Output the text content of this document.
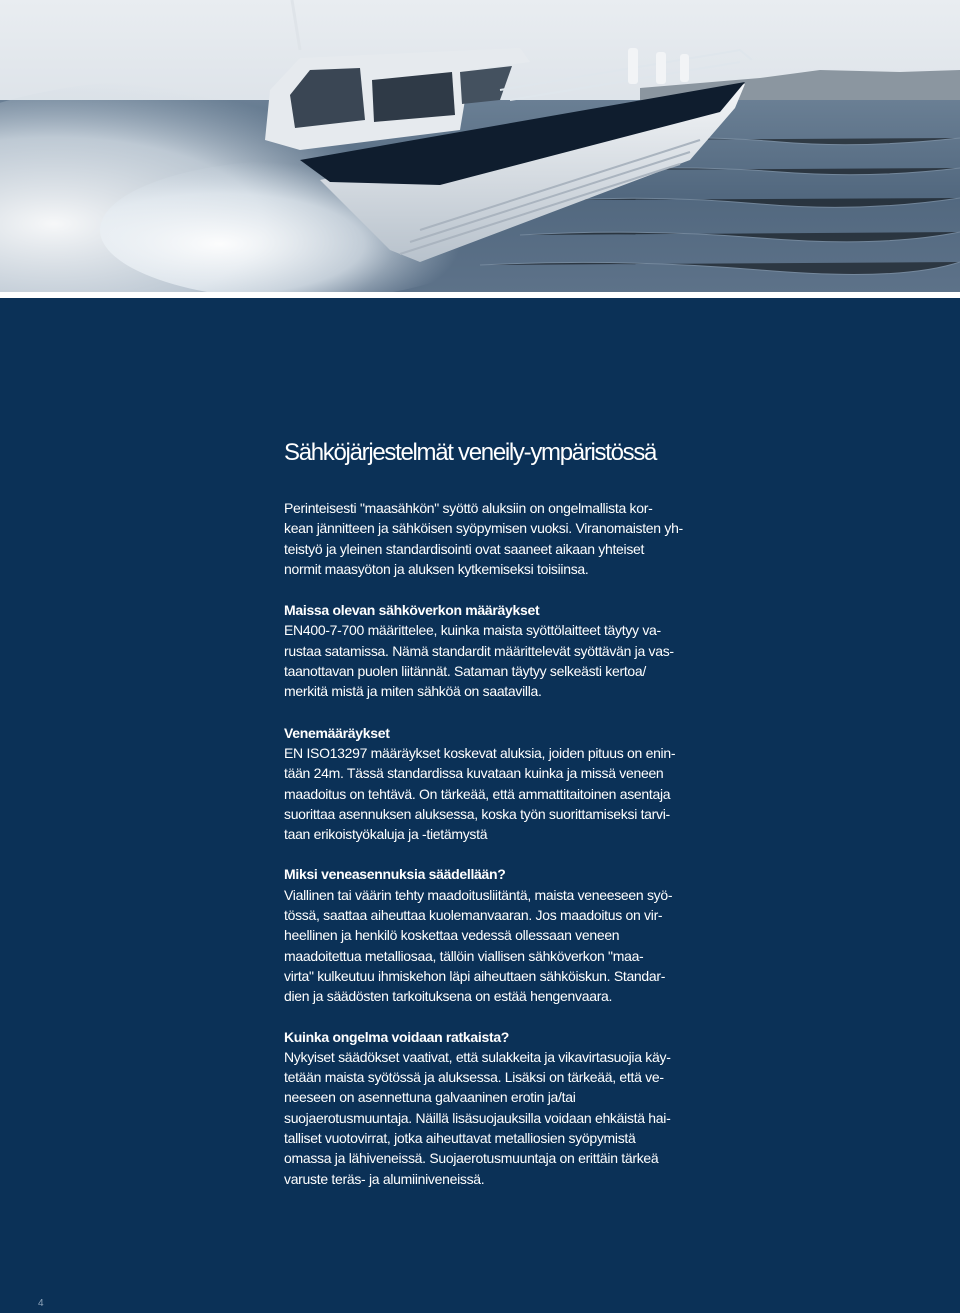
Sähköjärjestelmät veneily-ympäristössä

Perinteisesti "maasähkön" syöttö aluksiin on ongelmallista kor-
kean jännitteen ja sähköisen syöpymisen vuoksi. Viranomaisten yh-
teistyö ja yleinen standardisointi ovat saaneet aikaan yhteiset
normit maasyöton ja aluksen kytkemiseksi toisiinsa.

Maissa olevan sähköverkon määräykset

EN400-7-700 määrittelee, kuinka maista syöttölaitteet täytyy va-
rustaa satamissa. Nämä standardit määrittelevät syöttävän ja vas-
taanottavan puolen liitännät. Sataman täytyy selkeästi kertoa/
merkitä mistä ja miten sähköä on saatavilla.

Venemääräykset

EN ISO13297 määräykset koskevat aluksia, joiden pituus on enin-
tään 24m. Tässä standardissa kuvataan kuinka ja missä veneen
maadoitus on tehtävä. On tärkeää, että ammattitaitoinen asentaja
suorittaa asennuksen aluksessa, koska työn suorittamiseksi tarvi-
taan erikoistyökaluja ja -tietämystä

Miksi veneasennuksia säädellään?

Viallinen tai väärin tehty maadoitusliitäntä, maista veneeseen syö-
tössä, saattaa aiheuttaa kuolemanvaaran. Jos maadoitus on vir-
heellinen ja henkilö koskettaa vedessä ollessaan veneen
maadoitettua metalliosaa, tällöin viallisen sähköverkon "maa-
virta" kulkeutuu ihmiskehon läpi aiheuttaen sähköiskun. Standar-
dien ja säädösten tarkoituksena on estää hengenvaara.

Kuinka ongelma voidaan ratkaista?

Nykyiset säädökset vaativat, että sulakkeita ja vikavirtasuojia käy-
tetään maista syötössä ja aluksessa. Lisäksi on tärkeää, että ve-
neeseen on asennettuna galvaaninen erotin ja/tai
suojaerotusmuuntaja. Näillä lisäsuojauksilla voidaan ehkäistä hai-
talliset vuotovirrat, jotka aiheuttavat metalliosien syöpymistä
omassa ja lähiveneissä. Suojaerotusmuuntaja on erittäin tärkeä
varuste teräs- ja alumiiniveneissä.

4
